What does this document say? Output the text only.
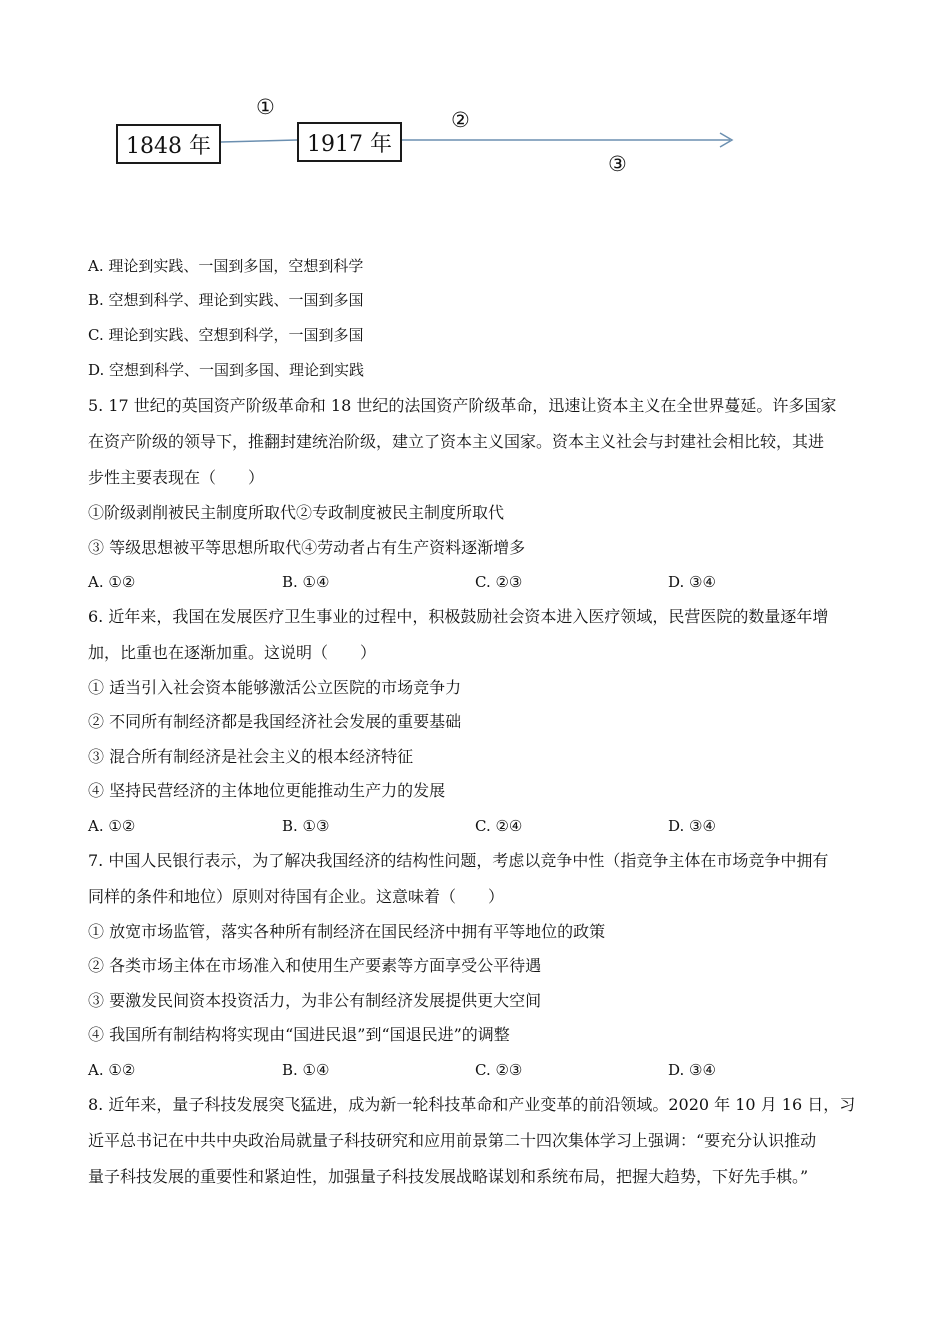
1848 年	1917 年
①
②
③
A. 理论到实践、一国到多国，空想到科学
B. 空想到科学、理论到实践、一国到多国
C. 理论到实践、空想到科学，一国到多国
D. 空想到科学、一国到多国、理论到实践
5. 17 世纪的英国资产阶级革命和 18 世纪的法国资产阶级革命，迅速让资本主义在全世界蔓延。许多国家
在资产阶级的领导下，推翻封建统治阶级，建立了资本主义国家。资本主义社会与封建社会相比较，其进
步性主要表现在（　　）
①阶级剥削被民主制度所取代②专政制度被民主制度所取代
③ 等级思想被平等思想所取代④劳动者占有生产资料逐渐增多
A. ①②	B. ①④	C. ②③	D. ③④
6. 近年来，我国在发展医疗卫生事业的过程中，积极鼓励社会资本进入医疗领域，民营医院的数量逐年增
加，比重也在逐渐加重。这说明（　　）
① 适当引入社会资本能够激活公立医院的市场竞争力
② 不同所有制经济都是我国经济社会发展的重要基础
③ 混合所有制经济是社会主义的根本经济特征
④ 坚持民营经济的主体地位更能推动生产力的发展
A. ①②	B. ①③	C. ②④	D. ③④
7. 中国人民银行表示，为了解决我国经济的结构性问题，考虑以竞争中性（指竞争主体在市场竞争中拥有
同样的条件和地位）原则对待国有企业。这意味着（　　）
① 放宽市场监管，落实各种所有制经济在国民经济中拥有平等地位的政策
② 各类市场主体在市场准入和使用生产要素等方面享受公平待遇
③ 要激发民间资本投资活力，为非公有制经济发展提供更大空间
④ 我国所有制结构将实现由“国进民退”到“国退民进”的调整
A. ①②	B. ①④	C. ②③	D. ③④
8. 近年来，量子科技发展突飞猛进，成为新一轮科技革命和产业变革的前沿领域。2020 年 10 月 16 日，习
近平总书记在中共中央政治局就量子科技研究和应用前景第二十四次集体学习上强调：“要充分认识推动
量子科技发展的重要性和紧迫性，加强量子科技发展战略谋划和系统布局，把握大趋势，下好先手棋。”
